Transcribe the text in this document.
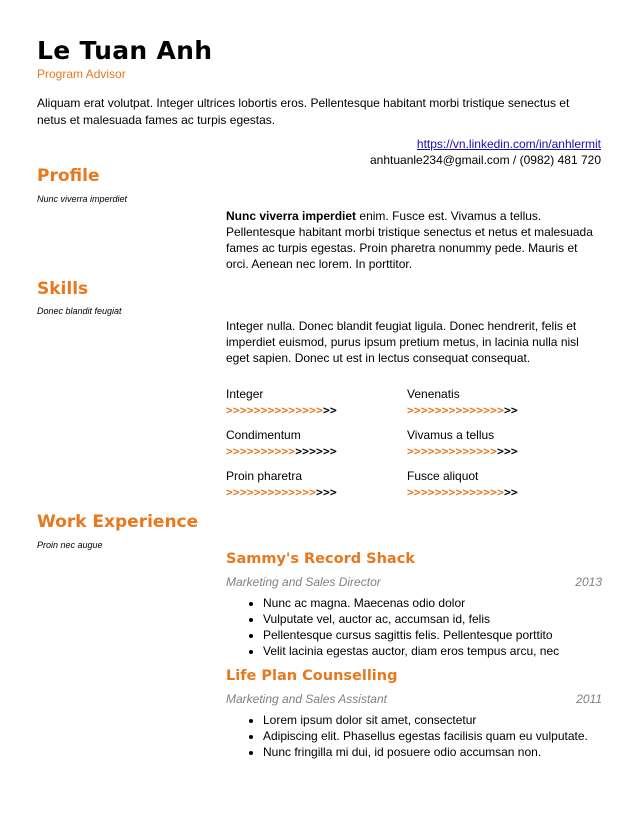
Le Tuan Anh
Program Advisor
Aliquam erat volutpat. Integer ultrices lobortis eros. Pellentesque habitant morbi tristique senectus et netus et malesuada fames ac turpis egestas.
https://vn.linkedin.com/in/anhlermit
anhtuanle234@gmail.com / (0982) 481 720
Profile
Nunc viverra imperdiet
Nunc viverra imperdiet enim. Fusce est. Vivamus a tellus. Pellentesque habitant morbi tristique senectus et netus et malesuada fames ac turpis egestas. Proin pharetra nonummy pede. Mauris et orci. Aenean nec lorem. In porttitor.
Skills
Donec blandit feugiat
Integer nulla. Donec blandit feugiat ligula. Donec hendrerit, felis et imperdiet euismod, purus ipsum pretium metus, in lacinia nulla nisl eget sapien. Donec ut est in lectus consequat consequat.
Integer
>>>>>>>>>>>>>>>>
Venenatis
>>>>>>>>>>>>>>>>
Condimentum
>>>>>>>>>>>>>>>>
Vivamus a tellus
>>>>>>>>>>>>>>>>
Proin pharetra
>>>>>>>>>>>>>>>>
Fusce aliquot
>>>>>>>>>>>>>>>>
Work Experience
Proin nec augue
Sammy's Record Shack
Marketing and Sales Director	2013
• Nunc ac magna. Maecenas odio dolor
• Vulputate vel, auctor ac, accumsan id, felis
• Pellentesque cursus sagittis felis. Pellentesque porttito
• Velit lacinia egestas auctor, diam eros tempus arcu, nec
Life Plan Counselling
Marketing and Sales Assistant	2011
• Lorem ipsum dolor sit amet, consectetur
• Adipiscing elit. Phasellus egestas facilisis quam eu vulputate.
• Nunc fringilla mi dui, id posuere odio accumsan non.
